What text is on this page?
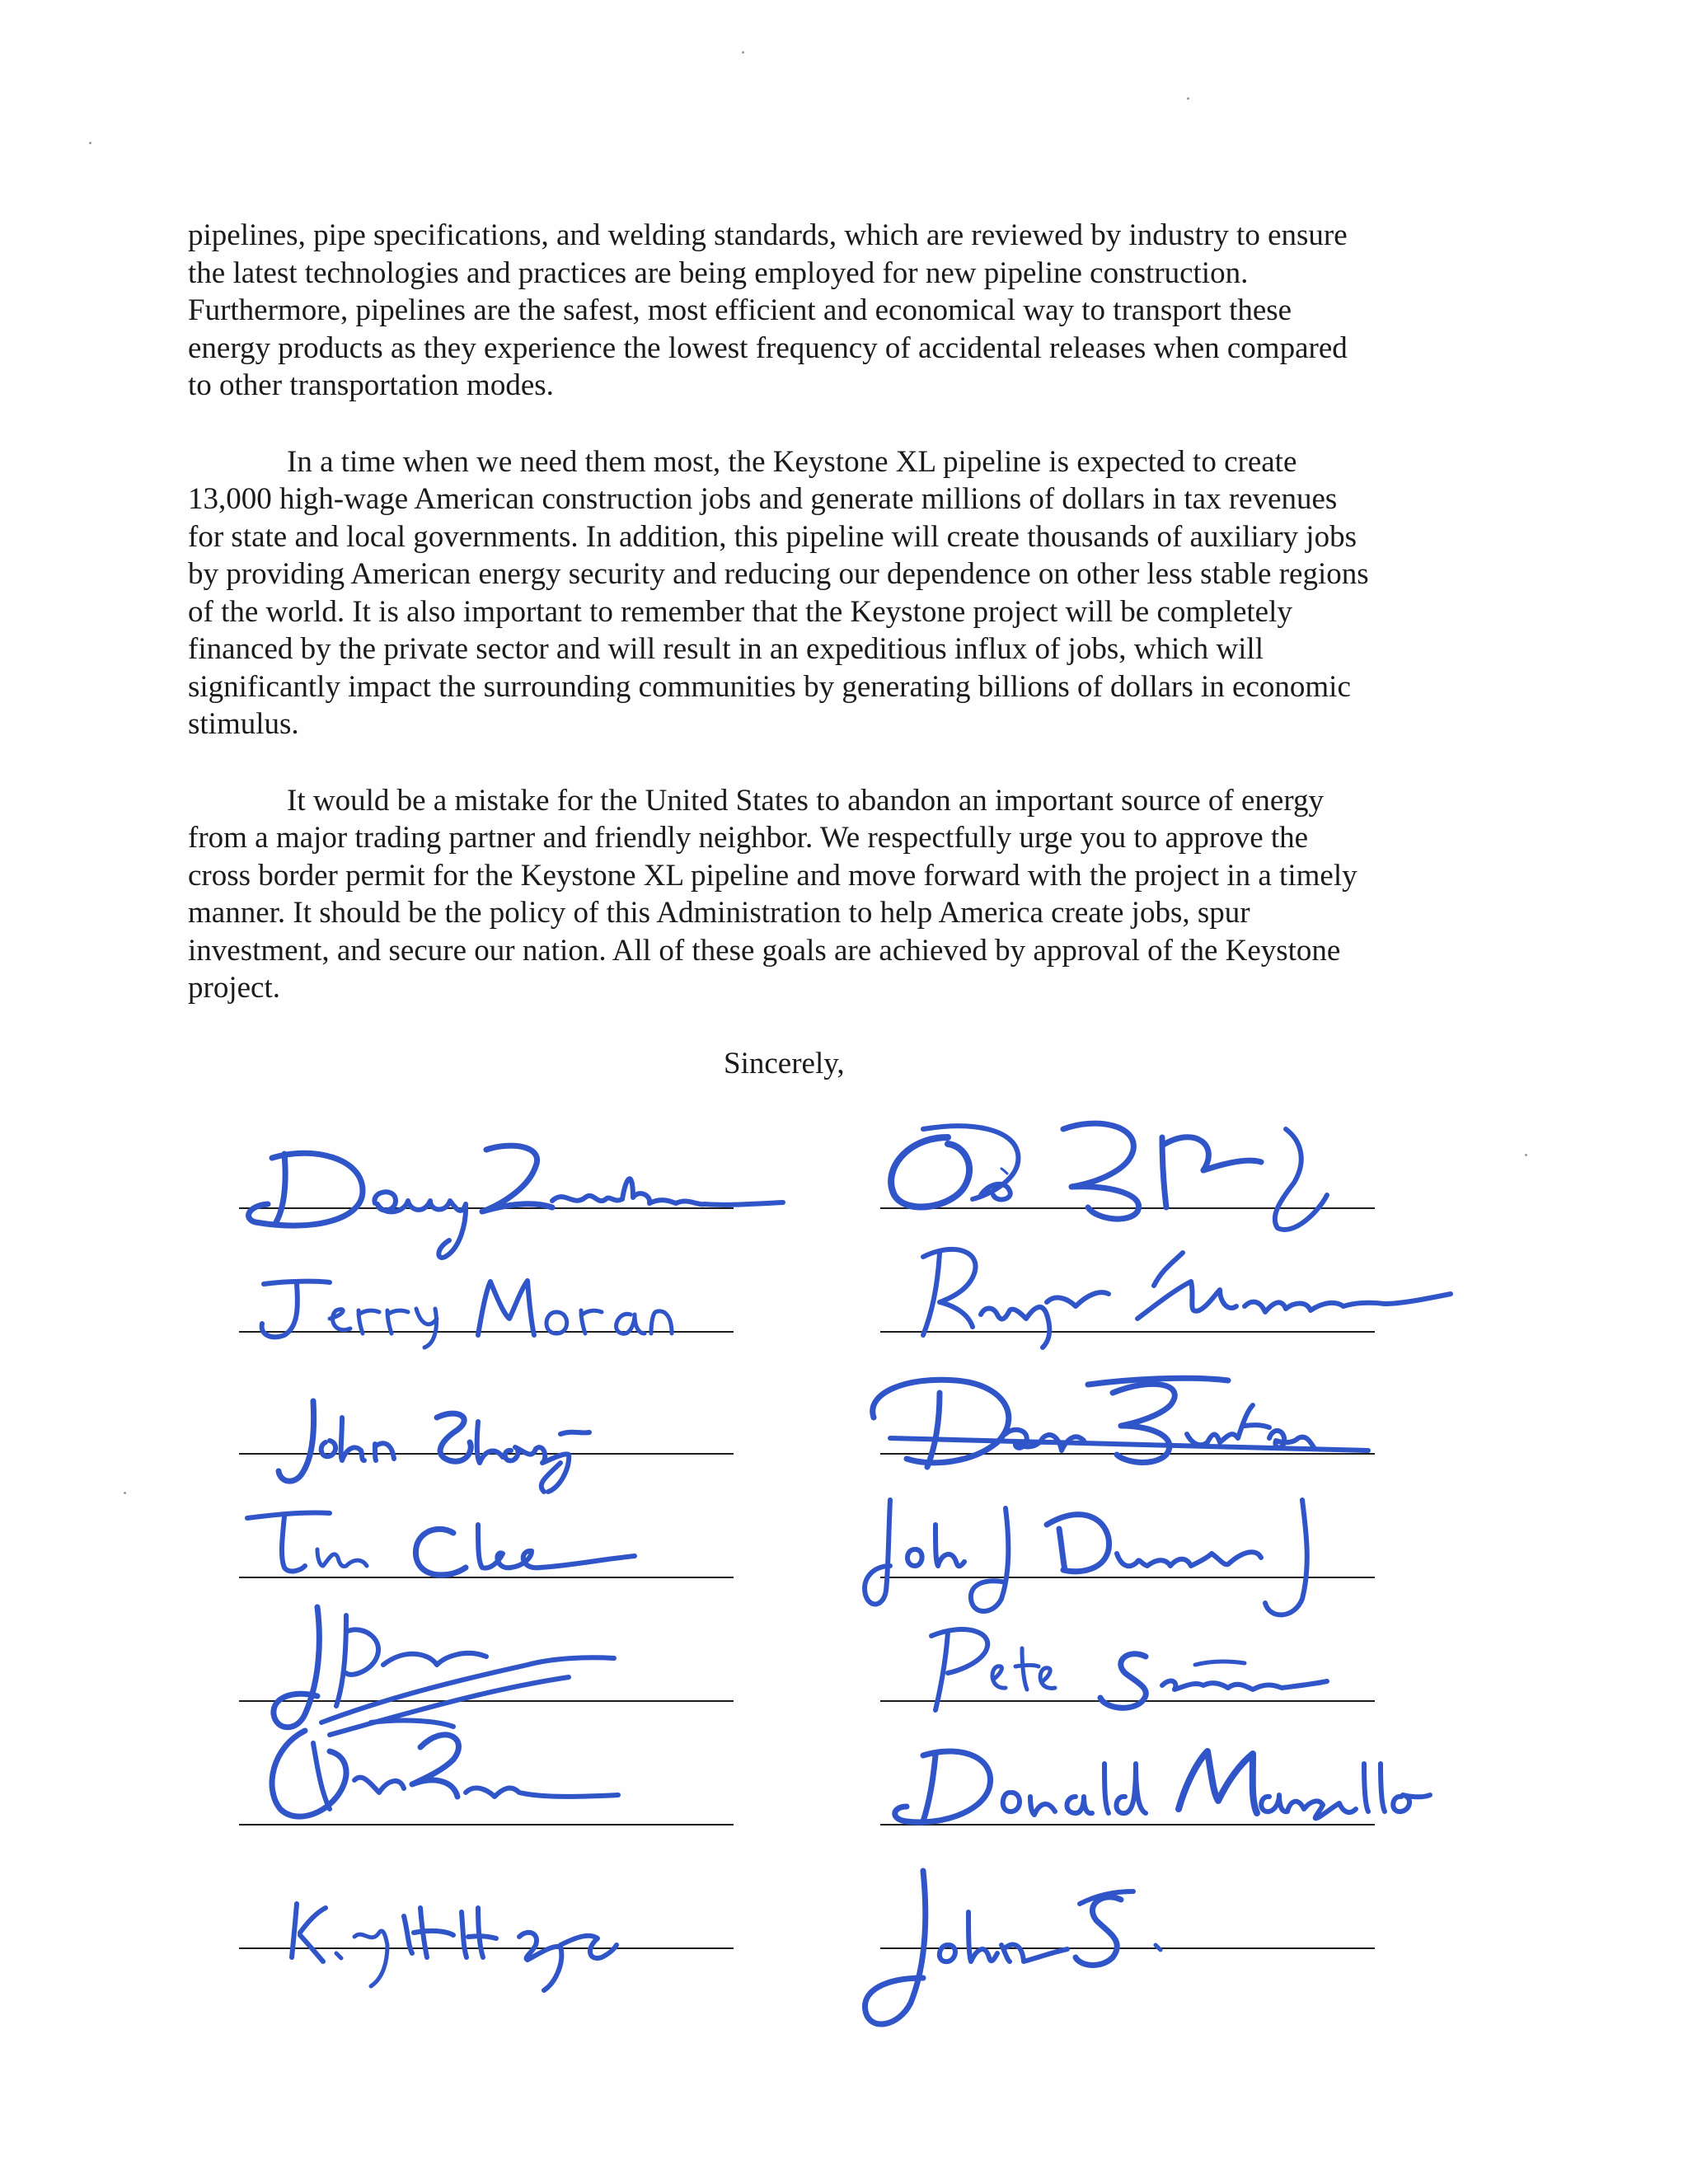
pipelines, pipe specifications, and welding standards, which are reviewed by industry to ensure
the latest technologies and practices are being employed for new pipeline construction.
Furthermore, pipelines are the safest, most efficient and economical way to transport these
energy products as they experience the lowest frequency of accidental releases when compared
to other transportation modes.

In a time when we need them most, the Keystone XL pipeline is expected to create
13,000 high-wage American construction jobs and generate millions of dollars in tax revenues
for state and local governments. In addition, this pipeline will create thousands of auxiliary jobs
by providing American energy security and reducing our dependence on other less stable regions
of the world. It is also important to remember that the Keystone project will be completely
financed by the private sector and will result in an expeditious influx of jobs, which will
significantly impact the surrounding communities by generating billions of dollars in economic
stimulus.

It would be a mistake for the United States to abandon an important source of energy
from a major trading partner and friendly neighbor. We respectfully urge you to approve the
cross border permit for the Keystone XL pipeline and move forward with the project in a timely
manner. It should be the policy of this Administration to help America create jobs, spur
investment, and secure our nation. All of these goals are achieved by approval of the Keystone
project.

Sincerely,
